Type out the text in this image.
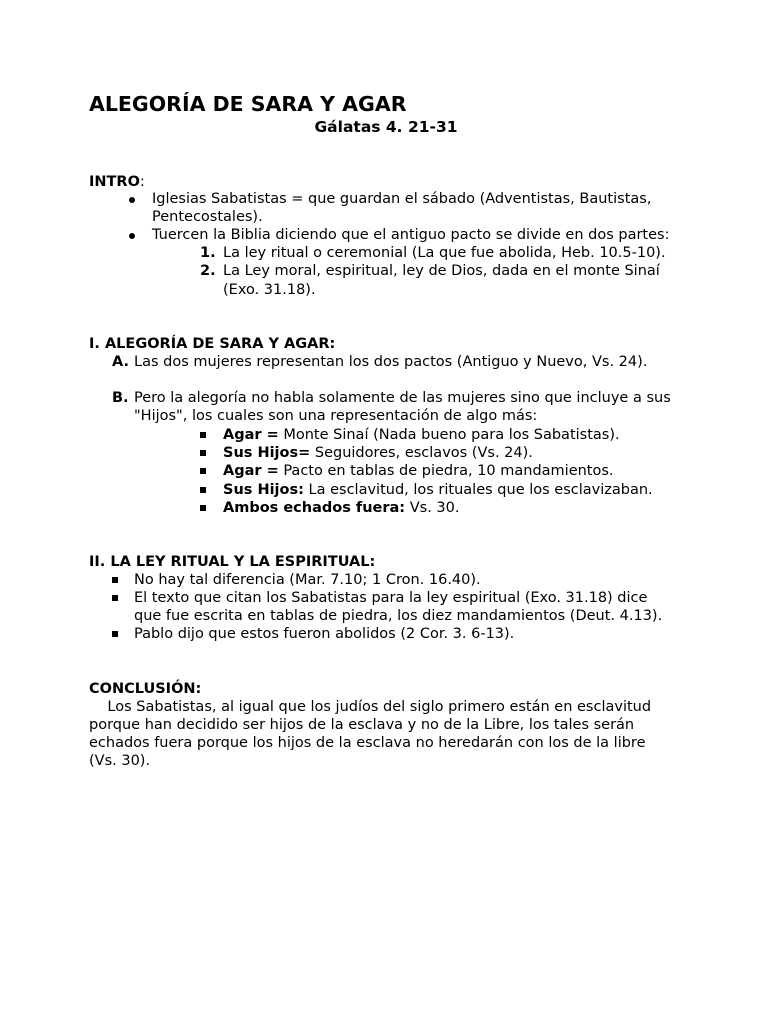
ALEGORÍA DE SARA Y AGAR
Gálatas 4. 21-31
INTRO:
Iglesias Sabatistas = que guardan el sábado (Adventistas, Bautistas,
Pentecostales).
Tuercen la Biblia diciendo que el antiguo pacto se divide en dos partes:
1. La ley ritual o ceremonial (La que fue abolida, Heb. 10.5-10).
2. La Ley moral, espiritual, ley de Dios, dada en el monte Sinaí
(Exo. 31.18).
I. ALEGORÍA DE SARA Y AGAR:
A. Las dos mujeres representan los dos pactos (Antiguo y Nuevo, Vs. 24).
B. Pero la alegoría no habla solamente de las mujeres sino que incluye a sus
"Hijos", los cuales son una representación de algo más:
Agar = Monte Sinaí (Nada bueno para los Sabatistas).
Sus Hijos= Seguidores, esclavos (Vs. 24).
Agar = Pacto en tablas de piedra, 10 mandamientos.
Sus Hijos: La esclavitud, los rituales que los esclavizaban.
Ambos echados fuera: Vs. 30.
II. LA LEY RITUAL Y LA ESPIRITUAL:
No hay tal diferencia (Mar. 7.10; 1 Cron. 16.40).
El texto que citan los Sabatistas para la ley espiritual (Exo. 31.18) dice
que fue escrita en tablas de piedra, los diez mandamientos (Deut. 4.13).
Pablo dijo que estos fueron abolidos (2 Cor. 3. 6-13).
CONCLUSIÓN:
Los Sabatistas, al igual que los judíos del siglo primero están en esclavitud
porque han decidido ser hijos de la esclava y no de la Libre, los tales serán
echados fuera porque los hijos de la esclava no heredarán con los de la libre
(Vs. 30).
